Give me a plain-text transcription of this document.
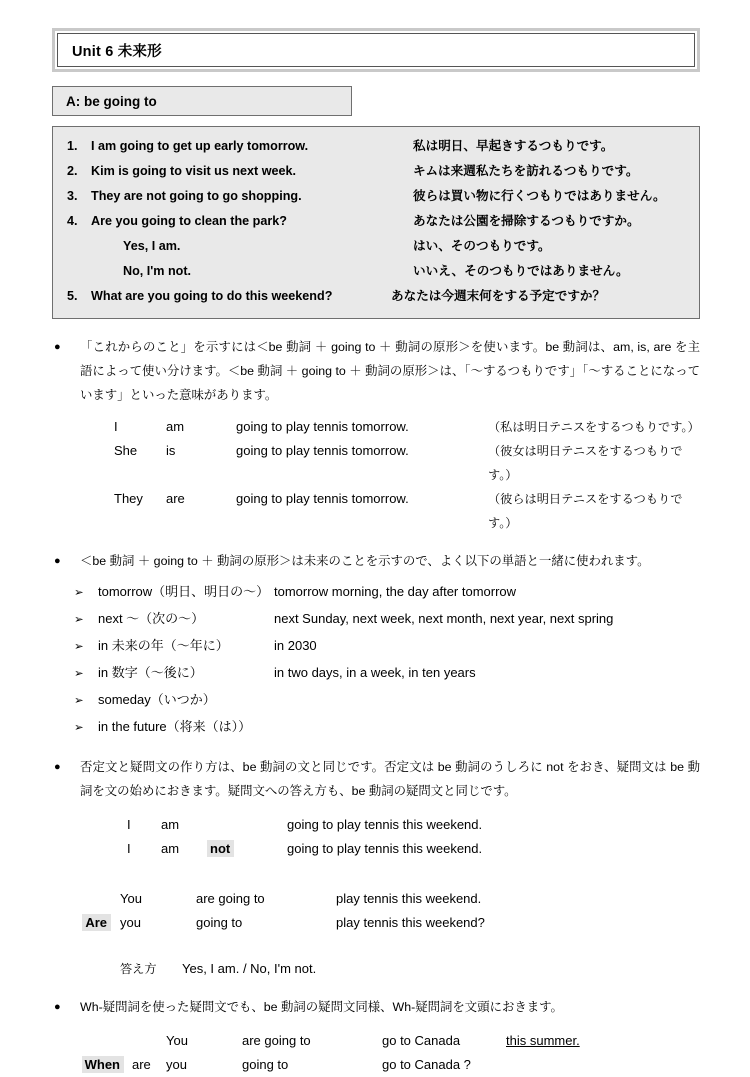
Unit 6 未来形
A: be going to
1.	I am going to get up early tomorrow.	私は明日、早起きするつもりです。
2.	Kim is going to visit us next week.	キムは来週私たちを訪れるつもりです。
3.	They are not going to go shopping.	彼らは買い物に行くつもりではありません。
4.	Are you going to clean the park?	あなたは公園を掃除するつもりですか。
Yes, I am.	はい、そのつもりです。
No, I'm not.	いいえ、そのつもりではありません。
5.	What are you going to do this weekend?	あなたは今週末何をする予定ですか？
●	「これからのこと」を示すには＜be 動詞 ＋ going to ＋ 動詞の原形＞を使います。be 動詞は、am, is, are を主語によって使い分けます。＜be 動詞 ＋ going to ＋ 動詞の原形＞は、「〜するつもりです」「〜することになっています」といった意味があります。
I	am	going to play tennis tomorrow.	（私は明日テニスをするつもりです。）
She	is	going to play tennis tomorrow.	（彼女は明日テニスをするつもりです。）
They	are	going to play tennis tomorrow.	（彼らは明日テニスをするつもりです。）
●	＜be 動詞 ＋ going to ＋ 動詞の原形＞は未来のことを示すので、よく以下の単語と一緒に使われます。
➢	tomorrow（明日、明日の〜） tomorrow morning, the day after tomorrow
➢	next 〜（次の〜）	next Sunday, next week, next month, next year, next spring
➢	in 未来の年（〜年に）	in 2030
➢	in 数字（〜後に）	in two days, in a week, in ten years
➢	someday（いつか）
➢	in the future（将来（は））
●	否定文と疑問文の作り方は、be 動詞の文と同じです。否定文は be 動詞のうしろに not をおき、疑問文は be 動詞を文の始めにおきます。疑問文への答え方も、be 動詞の疑問文と同じです。
I	am	going to play tennis this weekend.
I	am	not	going to play tennis this weekend.
You	are going to	play tennis this weekend.
Are	you	going to	play tennis this weekend?
答え方	Yes, I am. / No, I'm not.
●	Wh-疑問詞を使った疑問文でも、be 動詞の疑問文同様、Wh-疑問詞を文頭におきます。
You	are going to	go to Canada	this summer.
When are	you	going to	go to Canada ?
